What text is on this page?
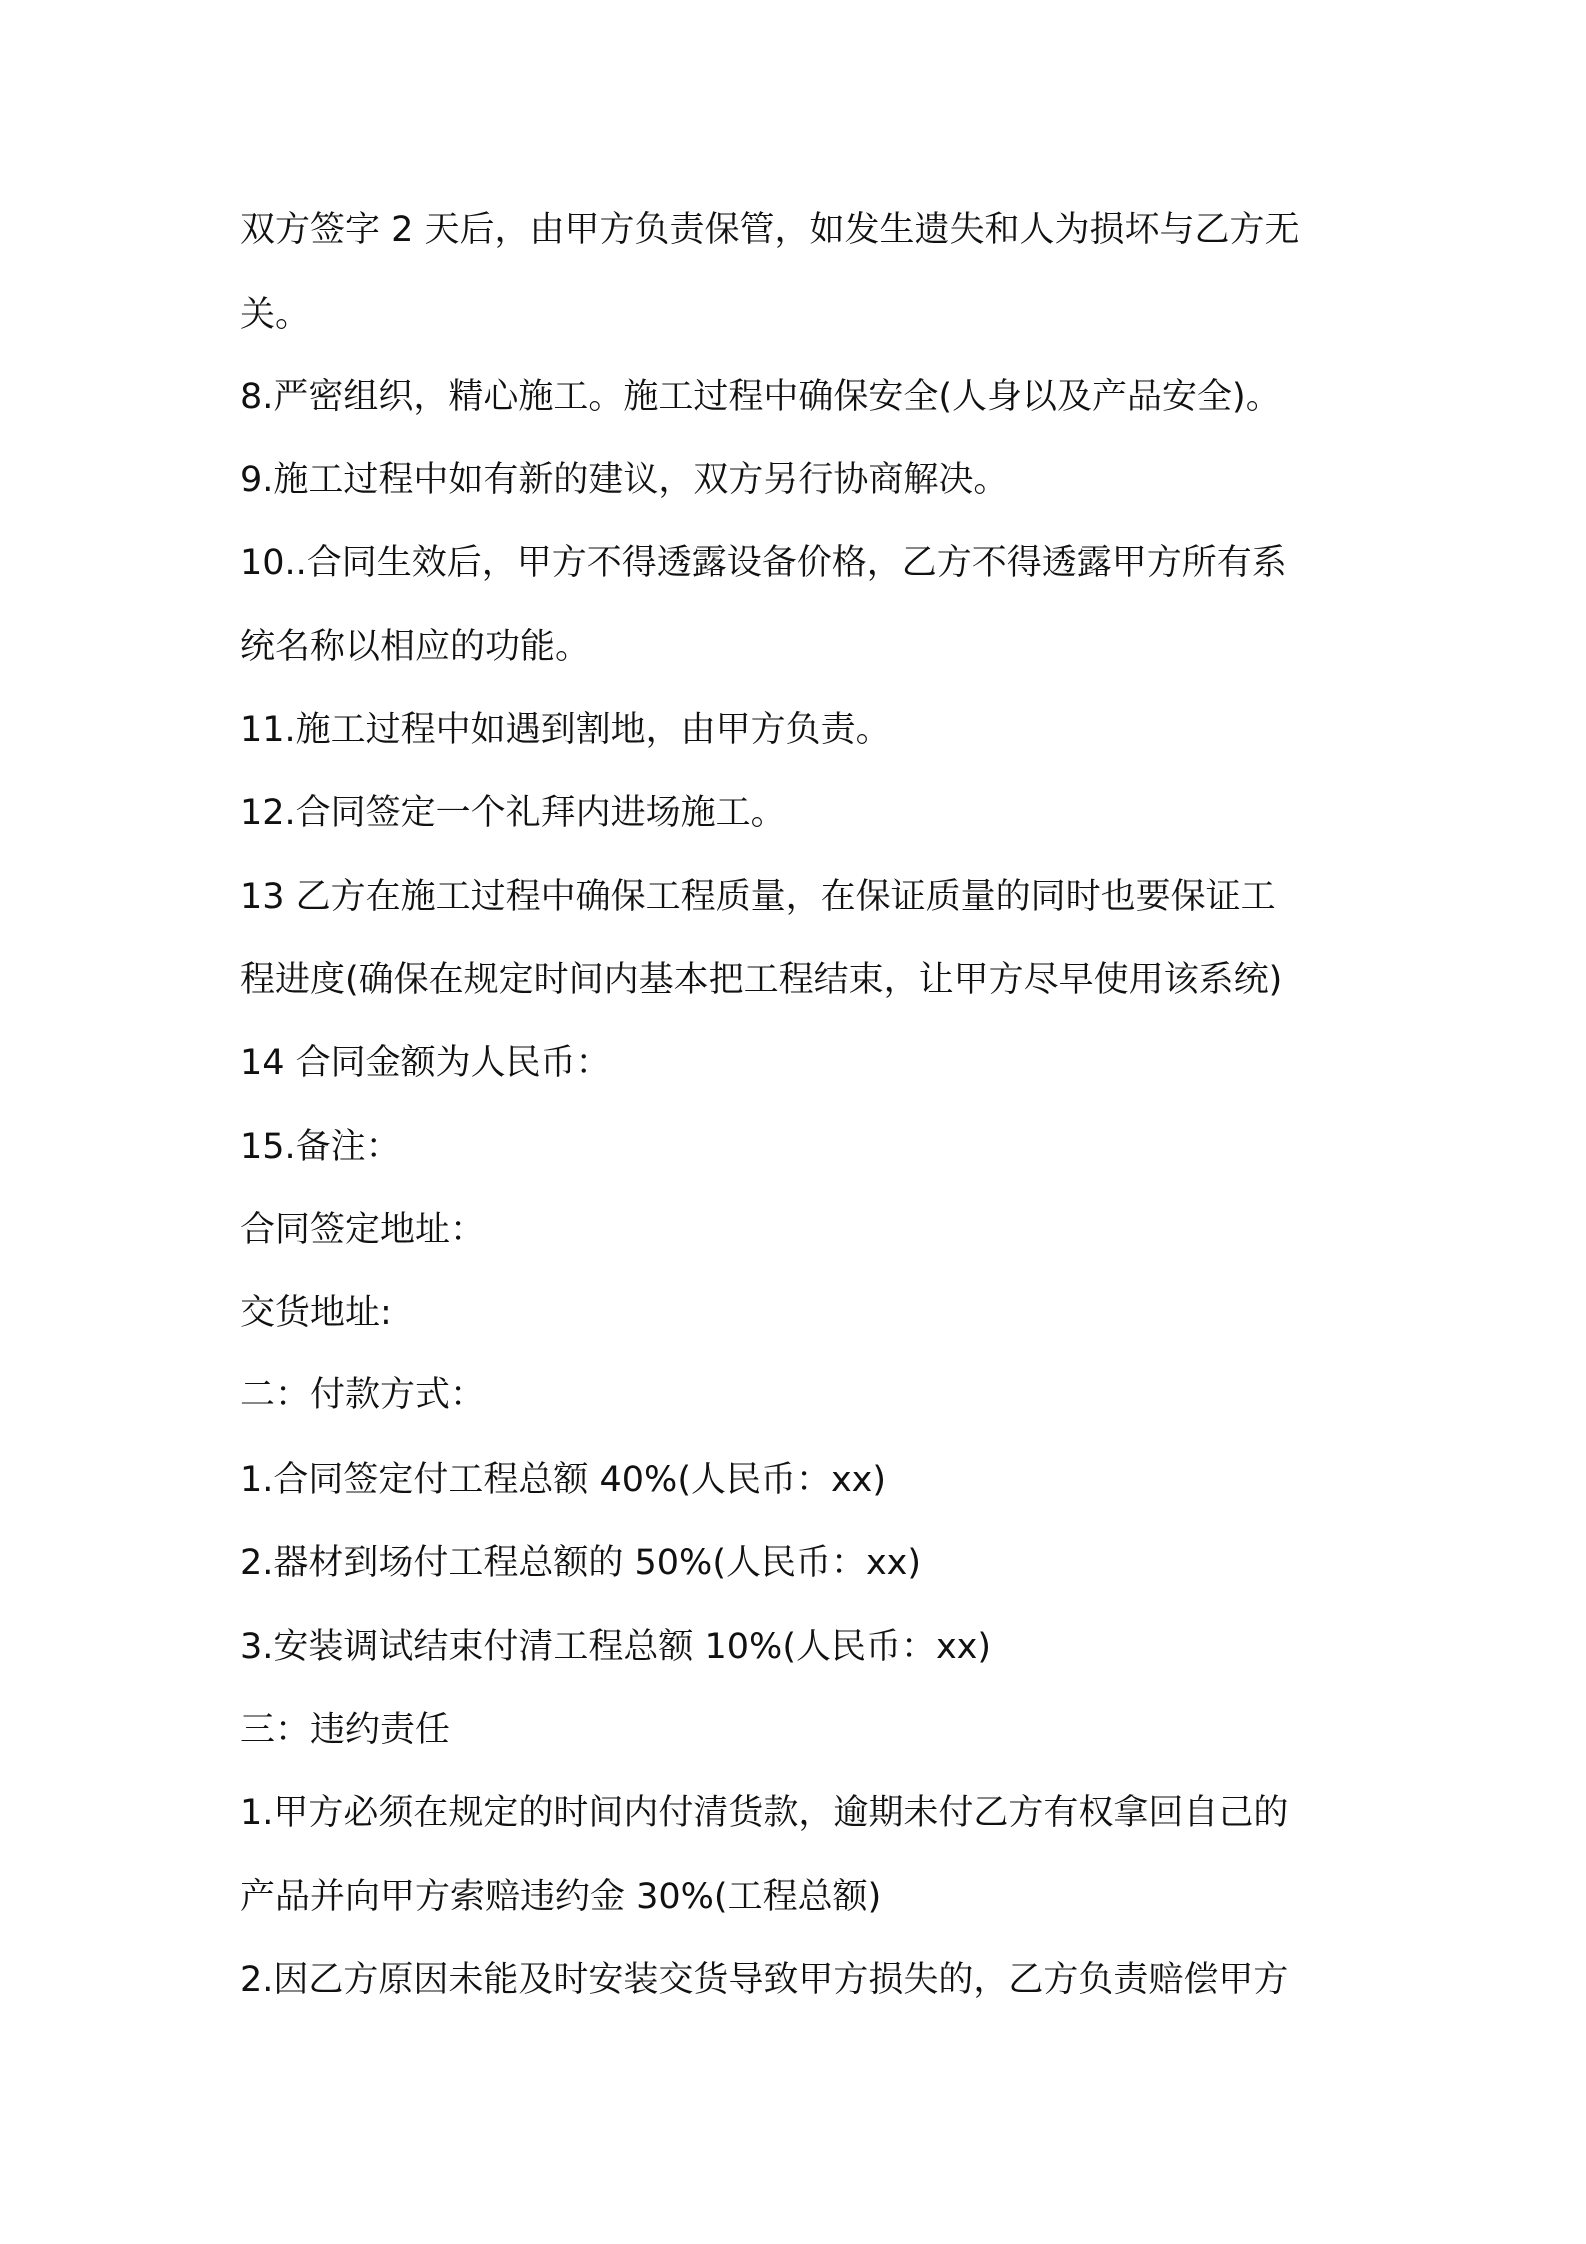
双方签字 2 天后，由甲方负责保管，如发生遗失和人为损坏与乙方无

关。

8.严密组织，精心施工。施工过程中确保安全(人身以及产品安全)。

9.施工过程中如有新的建议，双方另行协商解决。

10..合同生效后，甲方不得透露设备价格，乙方不得透露甲方所有系

统名称以相应的功能。

11.施工过程中如遇到割地，由甲方负责。

12.合同签定一个礼拜内进场施工。

13 乙方在施工过程中确保工程质量，在保证质量的同时也要保证工

程进度(确保在规定时间内基本把工程结束，让甲方尽早使用该系统)

14 合同金额为人民币：

15.备注：

合同签定地址：

交货地址:

二：付款方式：

1.合同签定付工程总额 40%(人民币：xx)

2.器材到场付工程总额的 50%(人民币：xx)

3.安装调试结束付清工程总额 10%(人民币：xx)

三：违约责任

1.甲方必须在规定的时间内付清货款，逾期未付乙方有权拿回自己的

产品并向甲方索赔违约金 30%(工程总额)

2.因乙方原因未能及时安装交货导致甲方损失的，乙方负责赔偿甲方
